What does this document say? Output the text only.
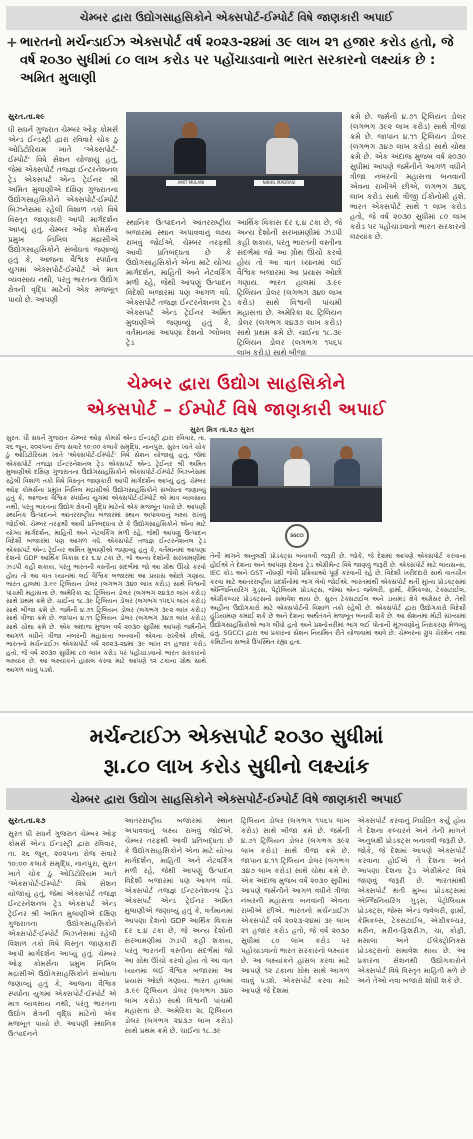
ચેમ્બર દ્વારા ઉદ્યોગસાહસિકોને એક્સપોર્ટ-ઈમ્પોર્ટ વિષે જાણકારી અપાઈ
+ ભારતનો મર્ચન્ડાઈઝ એક્સપોર્ટ વર્ષ ૨૦૨૩-૨૪માં ૩૯ લાખ ૨૧ હજાર કરોડ હતો, જે વર્ષ ૨૦૩૦ સુધીમાં ૮૦ લાખ કરોડ પર પહોંચાડવાનો ભારત સરકારનો લક્ષ્યાંક છે : અમિત મુલાણી
સુરત.તા.૨૯
ધી સધર્ન ગુજરાત ચેમ્બર ઓફ કોમર્સ એન્ડ ઈન્ડસ્ટ્રી દ્વારા રવિવારે ચોક ઠુ ઓડિટોરિયમ ખાતે 'એક્સપોર્ટ-ઈમ્પોર્ટ' વિષે સેશન યોજાયું હતું, જેમાં એક્સપોર્ટ તજજ્ઞ ઈન્ટરનેશનલ ટ્રેડ એક્સપર્ટ એન્ડ ટ્રેઈનર શ્રી અમિત મુલાણીએ દક્ષિણ ગુજરાતના ઉદ્યોગસાહસિકોને એક્સપોર્ટ-ઈમ્પોર્ટ બિઝનેસમાં રહેલી વિશાળ તકો વિષે વિસ્તૃત જાણકારી આપી માર્ગદર્શન આપ્યું હતું. ચેમ્બર ઓફ કોમર્સના પ્રમુખ નિખિલ મદ્રાસીએ ઉદ્યોગસાહસિકોને સંબોધતા જણાવ્યું હતું કે, આજના વૈશ્વિક સ્પર્ધાના યુગમાં એક્સપોર્ટ-ઈમ્પોર્ટ એ માત્ર વ્યવસાય નથી, પરંતુ ભારતના ઉદ્યોગ ક્ષેત્રની વૃદ્ધિ માટેનો એક મજબૂત પાયો છે. આપણી
AMIT MULANI	NIKHIL MADRASI
સ્થાનિક ઉત્પાદનને આંતરરાષ્ટ્રીય બજારમાં સ્થાન અપાવવાનું લક્ષ્ય રાખવું જોઈએ. ચેમ્બર તરફથી આવી પ્રતિબદ્ધતા છે કે ઉદ્યોગસાહસિકોને એના માટે યોગ્ય માર્ગદર્શન, માહિતી અને નેટવર્કિંગ મળી રહે, જેથી આપણું ઉત્પાદન વિદેશી બજારમાં પણ આગળ વધે. એક્સપોર્ટ તજજ્ઞ ઈન્ટરનેશનલ ટ્રેડ એક્સપર્ટ એન્ડ ટ્રેઈનર અમિત મુલાણીએ જણાવ્યું હતું કે, વર્તમાનમાં આપણા દેશનો ગ્લોબલ ટ્રેડ
આર્થિક વિકાસ દર ૬.૪ ટકા છે, જે અન્ય દેશોની સરખામણીમાં ઝડપી કહી શકાય, પરંતુ ભારતની વસ્તીના સંદર્ભમાં જો આ ગ્રોથ ઊંચો કરવો હોય તો આ વાત ધ્યાનમાં લઈ વૈશ્વિક બજારમાં આ પ્રયાસ ઓછો ગણાય. ભારત હાલમાં ૩.૯૯ ટ્રિલિયન ડોલર (લગભગ ૩૪૦ લાખ કરોડ) સાથે વિશ્વની પાંચમી મહાસત્તા છે. અમેરિકા ૨૮ ટ્રિલિયન ડોલર (લગભગ ૨૪૩૭ લાખ કરોડ) સાથે પ્રથમ ક્રમે છે. ચાઈના ૧૮.૩૯ ટ્રિલિયન ડોલર (લગભગ ૧૫૬૫ લાખ કરોડ) સાથે બીજા
ક્રમે છે. જર્મની ૪.૭૧ ટ્રિલિયન ડોલર (લગભગ ૩૯૨ લાખ કરોડ) સાથે ત્રીજા ક્રમે છે. જાપાન ૪.૧૧ ટ્રિલિયન ડોલર (લગભગ ૩૪૭ લાખ કરોડ) સાથે ચોથા ક્રમે છે. એક અંદાજ મુજબ વર્ષ ૨૦૩૦ સુધીમાં આપણે જર્મનીને આગળ વધીને ત્રીજા નંબરની મહાસત્તા બનવાની એવના રાખીએ છીએ, લગભગ ૩૪૬ લાખ કરોડ સાથે ત્રીજી ઈકોનોમી હશે. ભારત એક્સપોર્ટ સાથે ૧ લાખ કરોડ હતો, જે વર્ષ ૨૦૩૦ સુધીમાં ૮૦ લાખ કરોડ પર પહોંચાડવાનો ભારત સરકારનો લક્ષ્યાંક છે.
ચેમ્બર દ્વારા ઉદ્યોગ સાહસિકોને
એક્સપોર્ટ – ઈમ્પોર્ટ વિષે જાણકારી અપાઈ
સુરત મિત્ર તા.૨૭ સુરત
SGCCI
સુરત. ધી સધર્ન ગુજરાત ચેમ્બર ઓફ કોમર્સ એન્ડ ઈન્ડસ્ટ્રી દ્વારા રવિવાર, તા. ૨૬ જૂન, ૨૦૨૫ના રોજ સવારે ૧૦:૦૦ કલાકે સમૃદ્ધિ, નાનપુરા, સુરત ખાતે ચોક ઠુ ઓડિટોરિયમ ખાતે 'એક્સપોર્ટ-ઈમ્પોર્ટ' વિષે સેશન યોજાયું હતું, જેમાં એક્સપોર્ટ તજજ્ઞ ઈન્ટરનેશનલ ટ્રેડ એક્સપર્ટ એન્ડ ટ્રેઈનર શ્રી અમિત મુલાણીએ દક્ષિણ ગુજરાતના ઉદ્યોગસાહસિકોને એક્સપોર્ટ-ઈમ્પોર્ટ બિઝનેસમાં રહેલી વિશાળ તકો વિષે વિસ્તૃત જાણકારી આપી માર્ગદર્શન આપ્યું હતું. ચેમ્બર ઓફ કોમર્સના પ્રમુખ નિખિલ મદ્રાસીએ ઉદ્યોગસાહસિકોને સંબોધતા જણાવ્યું હતું કે, આજના વૈશ્વિક સ્પર્ધાના યુગમાં એક્સપોર્ટ-ઈમ્પોર્ટ એ માત્ર વ્યવસાય નથી, પરંતુ ભારતના ઉદ્યોગ ક્ષેત્રની વૃદ્ધિ માટેનો એક મજબૂત પાયો છે. આપણી સ્થાનિક ઉત્પાદનને આંતરરાષ્ટ્રીય બજારમાં સ્થાન અપાવવાનું લક્ષ્ય રાખવું જોઈએ. ચેમ્બર તરફથી આવી પ્રતિબદ્ધતા છે કે ઉદ્યોગસાહસિકોને એના માટે યોગ્ય માર્ગદર્શન, માહિતી અને નેટવર્કિંગ મળી રહે, જેથી આપણું ઉત્પાદન વિદેશી બજારમાં પણ આગળ વધે. એક્સપોર્ટ તજજ્ઞ ઈન્ટરનેશનલ ટ્રેડ એક્સપર્ટ એન્ડ ટ્રેઈનર અમિત મુલાણીએ જણાવ્યું હતું કે, વર્તમાનમાં આપણા દેશનો GDP આર્થિક વિકાસ દર ૬.૪ ટકા છે, જે અન્ય દેશોની સરખામણીમાં ઝડપી કહી શકાય, પરંતુ ભારતની વસ્તીના સંદર્ભમાં જો આ ગ્રોથ ઊંચો કરવો હોય તો આ વાત ધ્યાનમાં લઈ વૈશ્વિક બજારમાં આ પ્રયાસ ઓછો ગણાય. ભારત હાલમાં ૩.૯૯ ટ્રિલિયન ડોલર (લગભગ ૩૪૦ લાખ કરોડ) સાથે વિશ્વની પાંચમી મહાસત્તા છે. અમેરિકા ૨૮ ટ્રિલિયન ડોલર (લગભગ ૨૪૩૭ લાખ કરોડ) સાથે પ્રથમ ક્રમે છે. ચાઈના ૧૮.૩૯ ટ્રિલિયન ડોલર (લગભગ ૧૫૬૫ લાખ કરોડ) સાથે બીજા ક્રમે છે. જર્મની ૪.૭૧ ટ્રિલિયન ડોલર (લગભગ ૩૯૨ લાખ કરોડ) સાથે ત્રીજા ક્રમે છે. જાપાન ૪.૧૧ ટ્રિલિયન ડોલર (લગભગ ૩૪૭ લાખ કરોડ) સાથે ચોથા ક્રમે છે. એક અંદાજ મુજબ વર્ષ ૨૦૩૦ સુધીમાં આપણે જર્મનીને આગળ વધીને ત્રીજા નંબરની મહાસત્તા બનવાની એવના રાખીએ છીએ. ભારતનો મર્ચન્ડાઈઝ એક્સપોર્ટ વર્ષ ૨૦૨૩-૨૪માં ૩૯ લાખ ૨૧ હજાર કરોડ હતો, જે વર્ષ ૨૦૩૦ સુધીમાં ૮૦ લાખ કરોડ પર પહોંચાડવાનો ભારત સરકારનો લક્ષ્યાંક છે. આ લક્ષ્યાંકને હાંસલ કરવા માટે આપણે ૧૨ ટકાના ગ્રોથ સાથે આગળ વધવું પડશે.
તેની માંગને અનુલક્ષી પ્રોડક્ટ્સ બનાવવી જરૂરી છે. જોકે, જે દેશમાં આપણે એક્સપોર્ટ કરવાના હોઈએ તે દેશના અને આપણા દેશના ટ્રેડ એગ્રીમેન્ટ વિષે જાણવું જરૂરી છે. એક્સપોર્ટ માટે લાયસન્સ, IEC કોડ અને GST નોંધણી જેવી પ્રક્રિયાઓ પૂર્ણ કરવાની રહે છે. વિદેશી ખરીદદારો સાથે વાતચીત કરવા માટે આંતરરાષ્ટ્રીય પ્રદર્શનોમાં ભાગ લેવો જોઈએ. ભારતમાંથી એક્સપોર્ટ થતી મુખ્ય પ્રોડક્ટ્સમાં એન્જિનિયરિંગ ગુડ્સ, પેટ્રોલિયમ પ્રોડક્ટ્સ, જેમ્સ એન્ડ જ્વેલરી, ફાર્મા, કેમિકલ્સ, ટેક્સટાઈલ, એગ્રીકલ્ચર પ્રોડક્ટ્સનો સમાવેશ થાય છે. સુરત ટેક્સટાઈલ અને ડાયમંડ ક્ષેત્રે અગ્રેસર છે, તેથી અહીંના ઉદ્યોગકારો માટે એક્સપોર્ટની વિશાળ તકો રહેલી છે. એક્સપોર્ટ દ્વારા ઉદ્યોગકારો વિદેશી હૂંડિયામણ કમાઈ શકે છે અને દેશના અર્થતંત્રને મજબૂત બનાવી શકે છે. આ સેશનમાં મોટી સંખ્યામાં ઉદ્યોગસાહસિકોએ ભાગ લીધો હતો અને પ્રશ્નોત્તરીમાં ભાગ લઈ પોતાની મૂંઝવણોનું નિરાકરણ મેળવ્યું હતું. SGCCI દ્વારા આ પ્રકારના સેશન નિયમિત રીતે યોજવામાં આવે છે. ચેમ્બરના ગ્રુપ ચેરમેન તથા કમિટીના સભ્યો ઉપસ્થિત રહ્યા હતા.
મર્ચન્ટાઈઝ એક્સપોર્ટ ૨૦૩૦ સુધીમાં
રૂા.૮૦ લાખ કરોડ સુધીનો લક્ષ્યાંક
ચેમ્બર દ્વારા ઉદ્યોગ સાહસિકોને એક્સપોર્ટ-ઈમ્પોર્ટ વિષે જાણકારી અપાઈ
સુરત.તા.૨૭
સુરત ધી સધર્ન ગુજરાત ચેમ્બર ઓફ કોમર્સ એન્ડ ઈન્ડસ્ટ્રી દ્વારા રવિવાર, તા. ૨૬ જૂન, ૨૦૨૫ના રોજ સવારે ૧૦:૦૦ કલાકે સમૃદ્ધિ, નાનપુરા, સુરત ખાતે ચોક ઠુ ઓડિટોરિયમ ખાતે 'એક્સપોર્ટ-ઈમ્પોર્ટ' વિષે સેશન યોજાયું હતું, જેમાં એક્સપોર્ટ તજજ્ઞ ઈન્ટરનેશનલ ટ્રેડ એક્સપર્ટ એન્ડ ટ્રેઈનર શ્રી અમિત મુલાણીએ દક્ષિણ ગુજરાતના ઉદ્યોગસાહસિકોને એક્સપોર્ટ-ઈમ્પોર્ટ બિઝનેસમાં રહેલી વિશાળ તકો વિષે વિસ્તૃત જાણકારી આપી માર્ગદર્શન આપ્યું હતું. ચેમ્બર ઓફ કોમર્સના પ્રમુખ નિખિલ મદ્રાસીએ ઉદ્યોગસાહસિકોને સંબોધતા જણાવ્યું હતું કે, આજના વૈશ્વિક સ્પર્ધાના યુગમાં એક્સપોર્ટ-ઈમ્પોર્ટ એ માત્ર વ્યવસાય નથી, પરંતુ ભારતના ઉદ્યોગ ક્ષેત્રની વૃદ્ધિ માટેનો એક મજબૂત પાયો છે. આપણી સ્થાનિક ઉત્પાદનને
આંતરરાષ્ટ્રીય બજારમાં સ્થાન અપાવવાનું લક્ષ્ય રાખવું જોઈએ. ચેમ્બર તરફથી આવી પ્રતિબદ્ધતા છે કે ઉદ્યોગસાહસિકોને એના માટે યોગ્ય માર્ગદર્શન, માહિતી અને નેટવર્કિંગ મળી રહે, જેથી આપણું ઉત્પાદન વિદેશી બજારમાં પણ આગળ વધે. એક્સપોર્ટ તજજ્ઞ ઈન્ટરનેશનલ ટ્રેડ એક્સપર્ટ એન્ડ ટ્રેઈનર અમિત મુલાણીએ જણાવ્યું હતું કે, વર્તમાનમાં આપણા દેશનો GDP આર્થિક વિકાસ દર ૬.૪ ટકા છે, જે અન્ય દેશોની સરખામણીમાં ઝડપી કહી શકાય, પરંતુ ભારતની વસ્તીના સંદર્ભમાં જો આ ગ્રોથ ઊંચો કરવો હોય તો આ વાત ધ્યાનમાં લઈ વૈશ્વિક બજારમાં આ પ્રયાસ ઓછો ગણાય. ભારત હાલમાં ૩.૯૯ ટ્રિલિયન ડોલર (લગભગ ૩૪૦ લાખ કરોડ) સાથે વિશ્વની પાંચમી મહાસત્તા છે. અમેરિકા ૨૮ ટ્રિલિયન ડોલર (લગભગ ૨૪૩૭ લાખ કરોડ) સાથે પ્રથમ ક્રમે છે. ચાઈના ૧૮.૩૯
ટ્રિલિયન ડોલર (લગભગ ૧૫૬૫ લાખ કરોડ) સાથે બીજા ક્રમે છે. જર્મની ૪.૭૧ ટ્રિલિયન ડોલર (લગભગ ૩૯૨ લાખ કરોડ) સાથે ત્રીજા ક્રમે છે. જાપાન ૪.૧૧ ટ્રિલિયન ડોલર (લગભગ ૩૪૭ લાખ કરોડ) સાથે ચોથા ક્રમે છે. એક અંદાજ મુજબ વર્ષ ૨૦૩૦ સુધીમાં આપણે જર્મનીને આગળ વધીને ત્રીજા નંબરની મહાસત્તા બનવાની એવના રાખીએ છીએ. ભારતનો મર્ચન્ડાઈઝ એક્સપોર્ટ વર્ષ ૨૦૨૩-૨૪માં ૩૯ લાખ ૨૧ હજાર કરોડ હતો, જે વર્ષ ૨૦૩૦ સુધીમાં ૮૦ લાખ કરોડ પર પહોંચાડવાનો ભારત સરકારનો લક્ષ્યાંક છે. આ લક્ષ્યાંકને હાંસલ કરવા માટે આપણે ૧૨ ટકાના ગ્રોથ સાથે આગળ વધવું પડશે. એક્સપોર્ટ કરવા માટે આપણે જે દેશમાં
એક્સપોર્ટ કરવાનું નિર્ધારિત કર્યું હોય તે દેશના કલ્ચરને અને તેની માંગને અનુલક્ષી પ્રોડક્ટ્સ બનાવવી જરૂરી છે. જોકે, જે દેશમાં આપણે એક્સપોર્ટ કરવાના હોઈએ તે દેશના અને આપણા દેશના ટ્રેડ એગ્રીમેન્ટ વિષે જાણવું જરૂરી છે. ભારતમાંથી એક્સપોર્ટ થતી મુખ્ય પ્રોડક્ટ્સમાં એન્જિનિયરિંગ ગુડ્સ, પેટ્રોલિયમ પ્રોડક્ટ્સ, જેમ્સ એન્ડ જ્વેલરી, ફાર્મા, કેમિકલ્સ, ટેક્સટાઈલ, એગ્રીકલ્ચર, મરીન, મરીન-ફિશરીઝ, ચા, કોફી, મસાલા અને ઈલેક્ટ્રોનિક્સ પ્રોડક્ટ્સનો સમાવેશ થાય છે. આ પ્રકારના સેશનથી ઉદ્યોગકારોને એક્સપોર્ટ વિષે વિસ્તૃત માહિતી મળે છે અને તેઓ નવા બજારો શોધી શકે છે.
